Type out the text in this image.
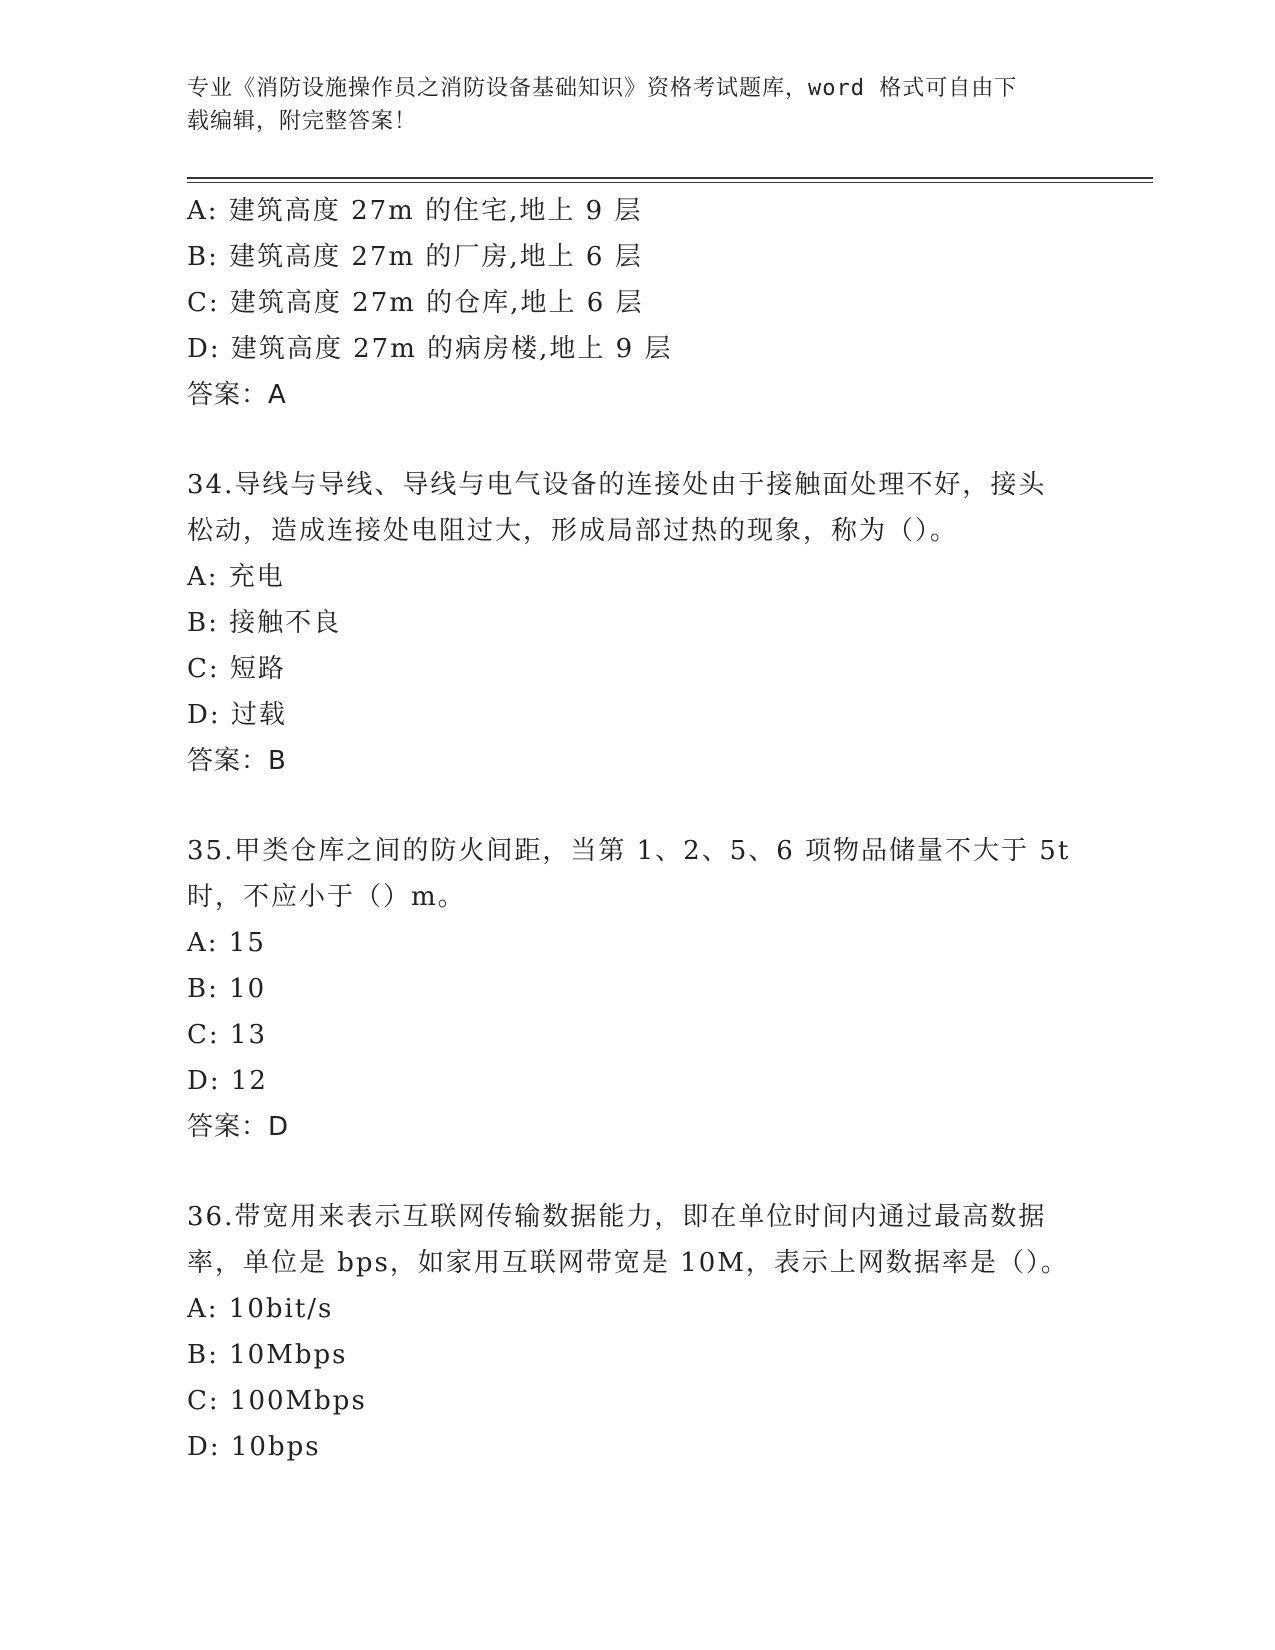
专业《消防设施操作员之消防设备基础知识》资格考试题库，word 格式可自由下
载编辑，附完整答案！
A: 建筑高度 27m 的住宅,地上 9 层
B: 建筑高度 27m 的厂房,地上 6 层
C: 建筑高度 27m 的仓库,地上 6 层
D: 建筑高度 27m 的病房楼,地上 9 层
答案：A
34.导线与导线、导线与电气设备的连接处由于接触面处理不好，接头
松动，造成连接处电阻过大，形成局部过热的现象，称为（）。
A: 充电
B: 接触不良
C: 短路
D: 过载
答案：B
35.甲类仓库之间的防火间距，当第 1、2、5、6 项物品储量不大于 5t
时，不应小于（）m。
A: 15
B: 10
C: 13
D: 12
答案：D
36.带宽用来表示互联网传输数据能力，即在单位时间内通过最高数据
率，单位是 bps，如家用互联网带宽是 10M，表示上网数据率是（）。
A: 10bit/s
B: 10Mbps
C: 100Mbps
D: 10bps
